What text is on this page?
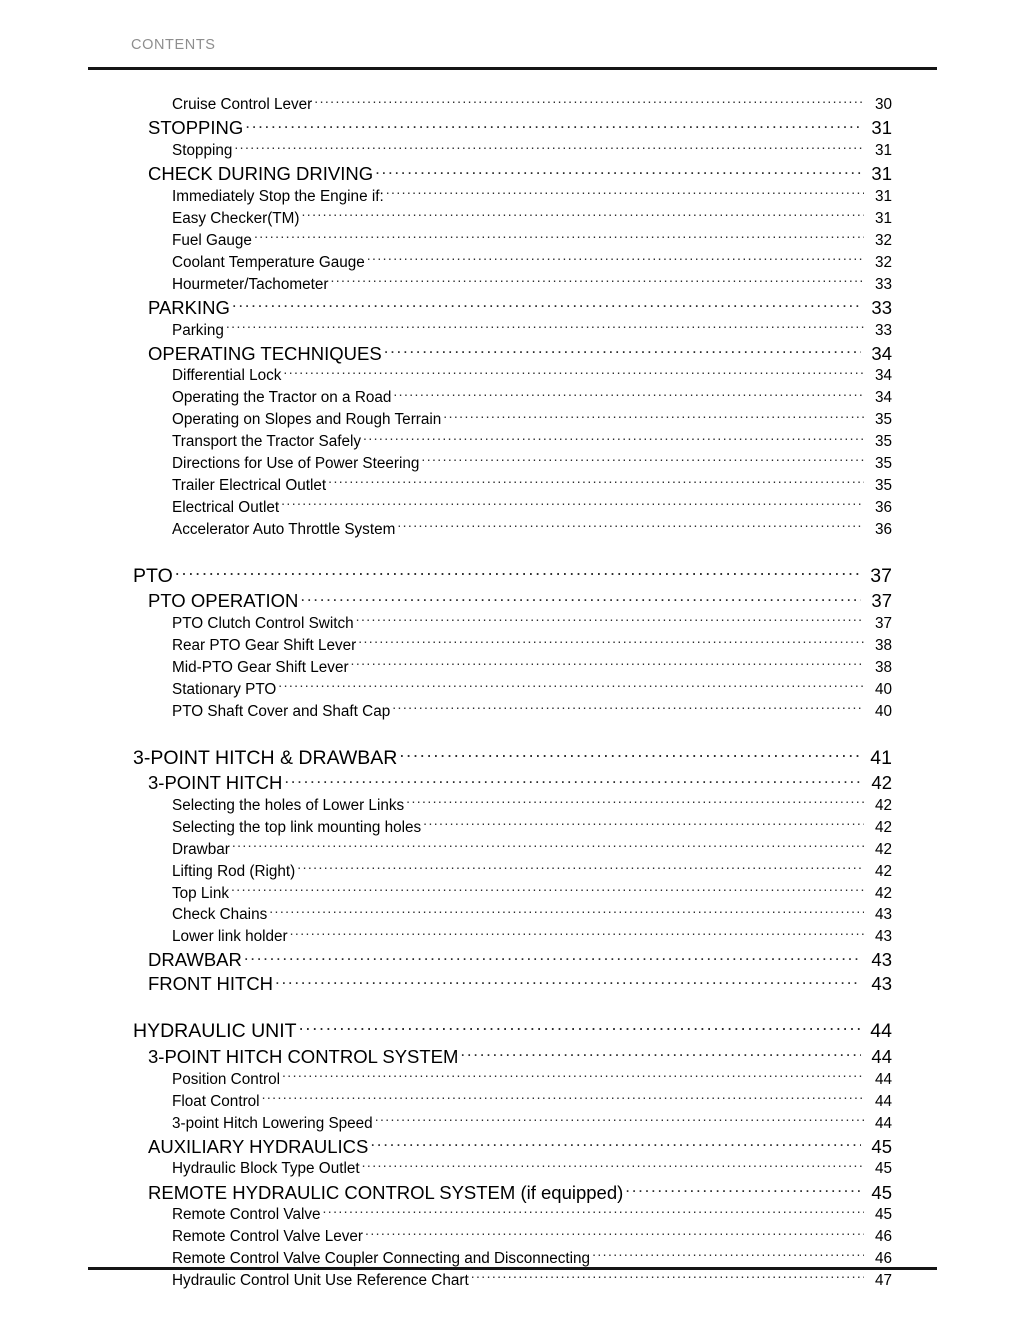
CONTENTS
Cruise Control Lever .....	30
STOPPING .....	31
Stopping .....	31
CHECK DURING DRIVING .....	31
Immediately Stop the Engine if: .....	31
Easy Checker(TM) .....	31
Fuel Gauge .....	32
Coolant Temperature Gauge .....	32
Hourmeter/Tachometer .....	33
PARKING .....	33
Parking .....	33
OPERATING TECHNIQUES .....	34
Differential Lock .....	34
Operating the Tractor on a Road .....	34
Operating on Slopes and Rough Terrain .....	35
Transport the Tractor Safely .....	35
Directions for Use of Power Steering .....	35
Trailer Electrical Outlet .....	35
Electrical Outlet .....	36
Accelerator Auto Throttle System .....	36
PTO .....	37
PTO OPERATION .....	37
PTO Clutch Control Switch .....	37
Rear PTO Gear Shift Lever .....	38
Mid-PTO Gear Shift Lever .....	38
Stationary PTO .....	40
PTO Shaft Cover and Shaft Cap .....	40
3-POINT HITCH & DRAWBAR .....	41
3-POINT HITCH .....	42
Selecting the holes of Lower Links .....	42
Selecting the top link mounting holes .....	42
Drawbar .....	42
Lifting Rod (Right) .....	42
Top Link .....	42
Check Chains .....	43
Lower link holder .....	43
DRAWBAR .....	43
FRONT HITCH .....	43
HYDRAULIC UNIT .....	44
3-POINT HITCH CONTROL SYSTEM .....	44
Position Control .....	44
Float Control .....	44
3-point Hitch Lowering Speed .....	44
AUXILIARY HYDRAULICS .....	45
Hydraulic Block Type Outlet .....	45
REMOTE HYDRAULIC CONTROL SYSTEM (if equipped) .....	45
Remote Control Valve .....	45
Remote Control Valve Lever .....	46
Remote Control Valve Coupler Connecting and Disconnecting .....	46
Hydraulic Control Unit Use Reference Chart .....	47
